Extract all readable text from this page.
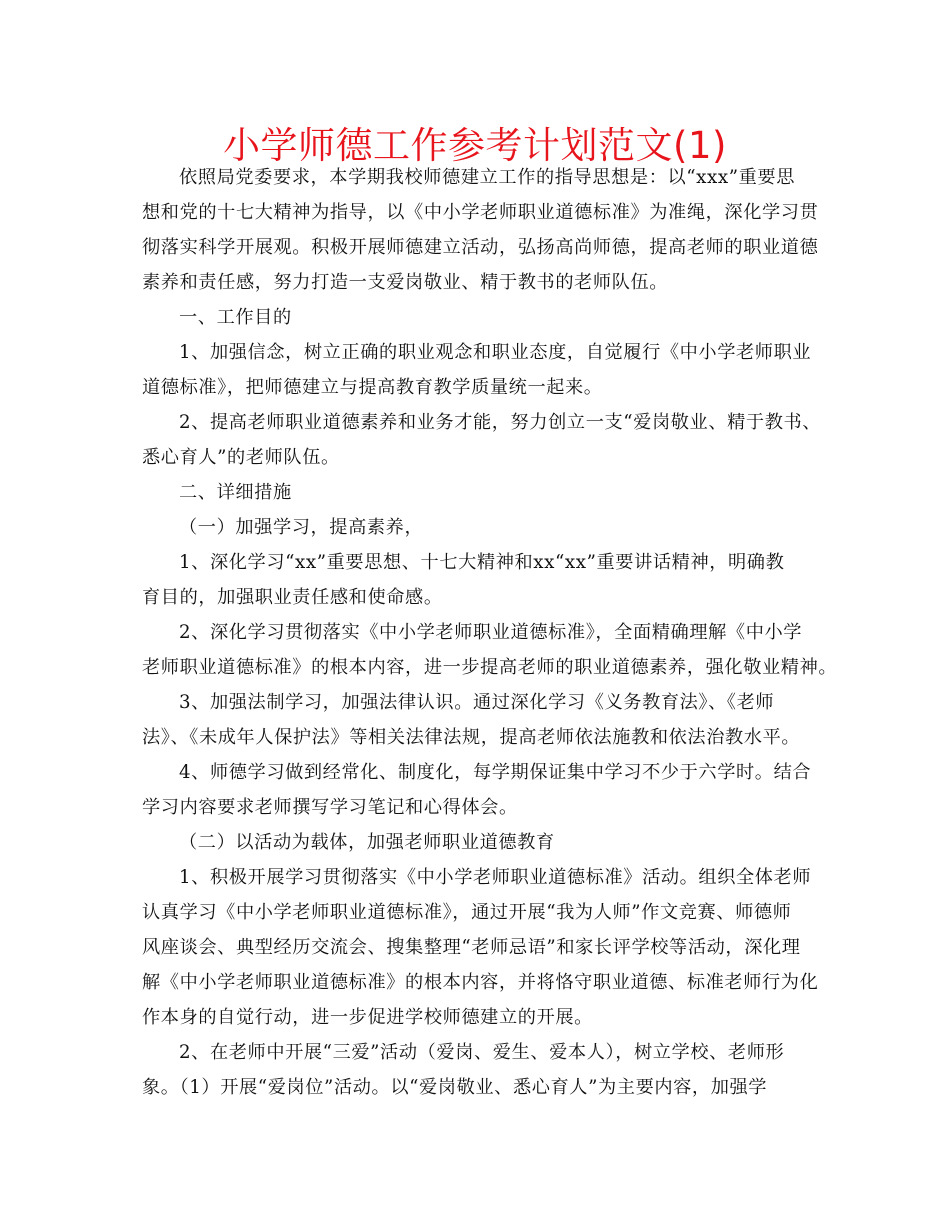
小学师德工作参考计划范文(1)
依照局党委要求，本学期我校师德建立工作的指导思想是：以“xxx”重要思
想和党的十七大精神为指导，以《中小学老师职业道德标准》为准绳，深化学习贯
彻落实科学开展观。积极开展师德建立活动，弘扬高尚师德，提高老师的职业道德
素养和责任感，努力打造一支爱岗敬业、精于教书的老师队伍。
一、工作目的
1、加强信念，树立正确的职业观念和职业态度，自觉履行《中小学老师职业
道德标准》，把师德建立与提高教育教学质量统一起来。
2、提高老师职业道德素养和业务才能，努力创立一支“爱岗敬业、精于教书、
悉心育人”的老师队伍。
二、详细措施
（一）加强学习，提高素养，
1、深化学习“xx”重要思想、十七大精神和xx“xx”重要讲话精神，明确教
育目的，加强职业责任感和使命感。
2、深化学习贯彻落实《中小学老师职业道德标准》，全面精确理解《中小学
老师职业道德标准》的根本内容，进一步提高老师的职业道德素养，强化敬业精神。
3、加强法制学习，加强法律认识。通过深化学习《义务教育法》、《老师
法》、《未成年人保护法》等相关法律法规，提高老师依法施教和依法治教水平。
4、师德学习做到经常化、制度化，每学期保证集中学习不少于六学时。结合
学习内容要求老师撰写学习笔记和心得体会。
（二）以活动为载体，加强老师职业道德教育
1、积极开展学习贯彻落实《中小学老师职业道德标准》活动。组织全体老师
认真学习《中小学老师职业道德标准》，通过开展“我为人师”作文竞赛、师德师
风座谈会、典型经历交流会、搜集整理“老师忌语”和家长评学校等活动，深化理
解《中小学老师职业道德标准》的根本内容，并将恪守职业道德、标准老师行为化
作本身的自觉行动，进一步促进学校师德建立的开展。
2、在老师中开展“三爱”活动（爱岗、爱生、爱本人），树立学校、老师形
象。（1）开展“爱岗位”活动。以“爱岗敬业、悉心育人”为主要内容，加强学
